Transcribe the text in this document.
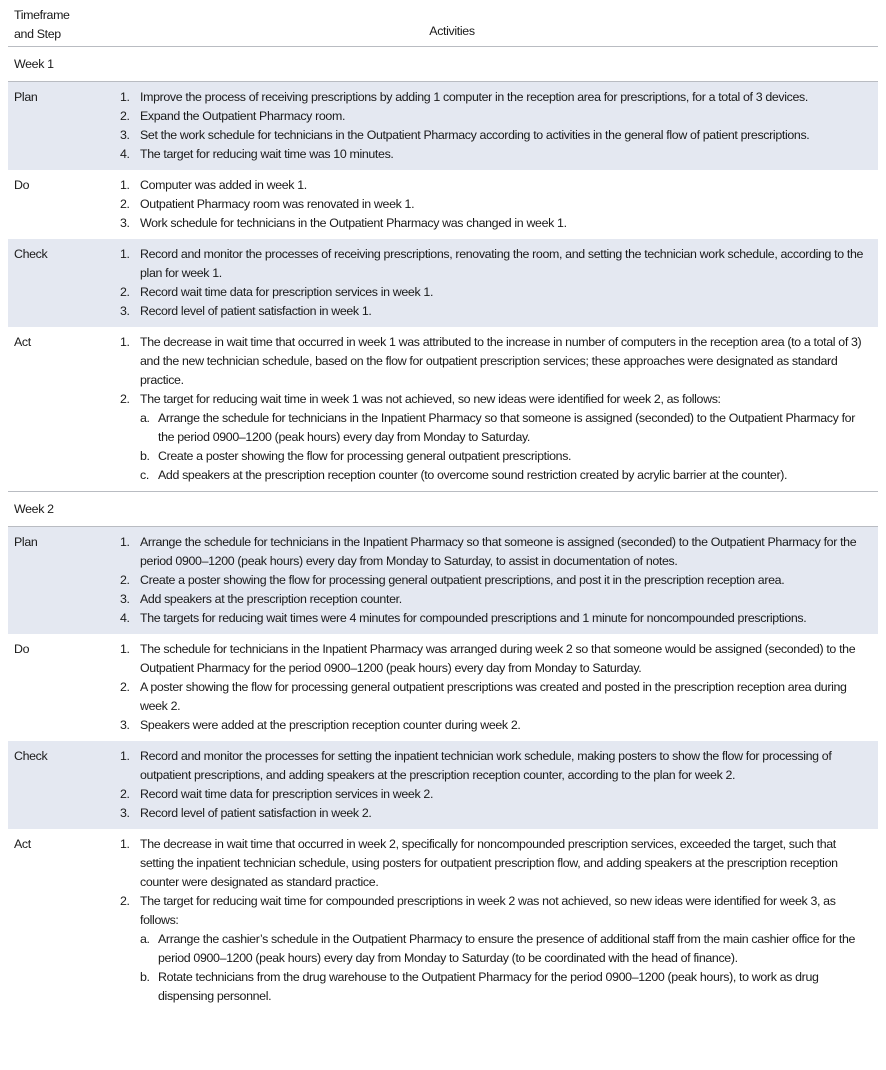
Timeframe
and Step	Activities
Week 1
Plan	1. Improve the process of receiving prescriptions by adding 1 computer in the reception area for prescriptions, for a total of 3 devices.
2. Expand the Outpatient Pharmacy room.
3. Set the work schedule for technicians in the Outpatient Pharmacy according to activities in the general flow of patient prescriptions.
4. The target for reducing wait time was 10 minutes.
Do	1. Computer was added in week 1.
2. Outpatient Pharmacy room was renovated in week 1.
3. Work schedule for technicians in the Outpatient Pharmacy was changed in week 1.
Check	1. Record and monitor the processes of receiving prescriptions, renovating the room, and setting the technician work schedule, according to the plan for week 1.
2. Record wait time data for prescription services in week 1.
3. Record level of patient satisfaction in week 1.
Act	1. The decrease in wait time that occurred in week 1 was attributed to the increase in number of computers in the reception area (to a total of 3) and the new technician schedule, based on the flow for outpatient prescription services; these approaches were designated as standard practice.
2. The target for reducing wait time in week 1 was not achieved, so new ideas were identified for week 2, as follows:
a. Arrange the schedule for technicians in the Inpatient Pharmacy so that someone is assigned (seconded) to the Outpatient Pharmacy for the period 0900–1200 (peak hours) every day from Monday to Saturday.
b. Create a poster showing the flow for processing general outpatient prescriptions.
c. Add speakers at the prescription reception counter (to overcome sound restriction created by acrylic barrier at the counter).
Week 2
Plan	1. Arrange the schedule for technicians in the Inpatient Pharmacy so that someone is assigned (seconded) to the Outpatient Pharmacy for the period 0900–1200 (peak hours) every day from Monday to Saturday, to assist in documentation of notes.
2. Create a poster showing the flow for processing general outpatient prescriptions, and post it in the prescription reception area.
3. Add speakers at the prescription reception counter.
4. The targets for reducing wait times were 4 minutes for compounded prescriptions and 1 minute for noncompounded prescriptions.
Do	1. The schedule for technicians in the Inpatient Pharmacy was arranged during week 2 so that someone would be assigned (seconded) to the Outpatient Pharmacy for the period 0900–1200 (peak hours) every day from Monday to Saturday.
2. A poster showing the flow for processing general outpatient prescriptions was created and posted in the prescription reception area during week 2.
3. Speakers were added at the prescription reception counter during week 2.
Check	1. Record and monitor the processes for setting the inpatient technician work schedule, making posters to show the flow for processing of outpatient prescriptions, and adding speakers at the prescription reception counter, according to the plan for week 2.
2. Record wait time data for prescription services in week 2.
3. Record level of patient satisfaction in week 2.
Act	1. The decrease in wait time that occurred in week 2, specifically for noncompounded prescription services, exceeded the target, such that setting the inpatient technician schedule, using posters for outpatient prescription flow, and adding speakers at the prescription reception counter were designated as standard practice.
2. The target for reducing wait time for compounded prescriptions in week 2 was not achieved, so new ideas were identified for week 3, as follows:
a. Arrange the cashier’s schedule in the Outpatient Pharmacy to ensure the presence of additional staff from the main cashier office for the period 0900–1200 (peak hours) every day from Monday to Saturday (to be coordinated with the head of finance).
b. Rotate technicians from the drug warehouse to the Outpatient Pharmacy for the period 0900–1200 (peak hours), to work as drug dispensing personnel.
